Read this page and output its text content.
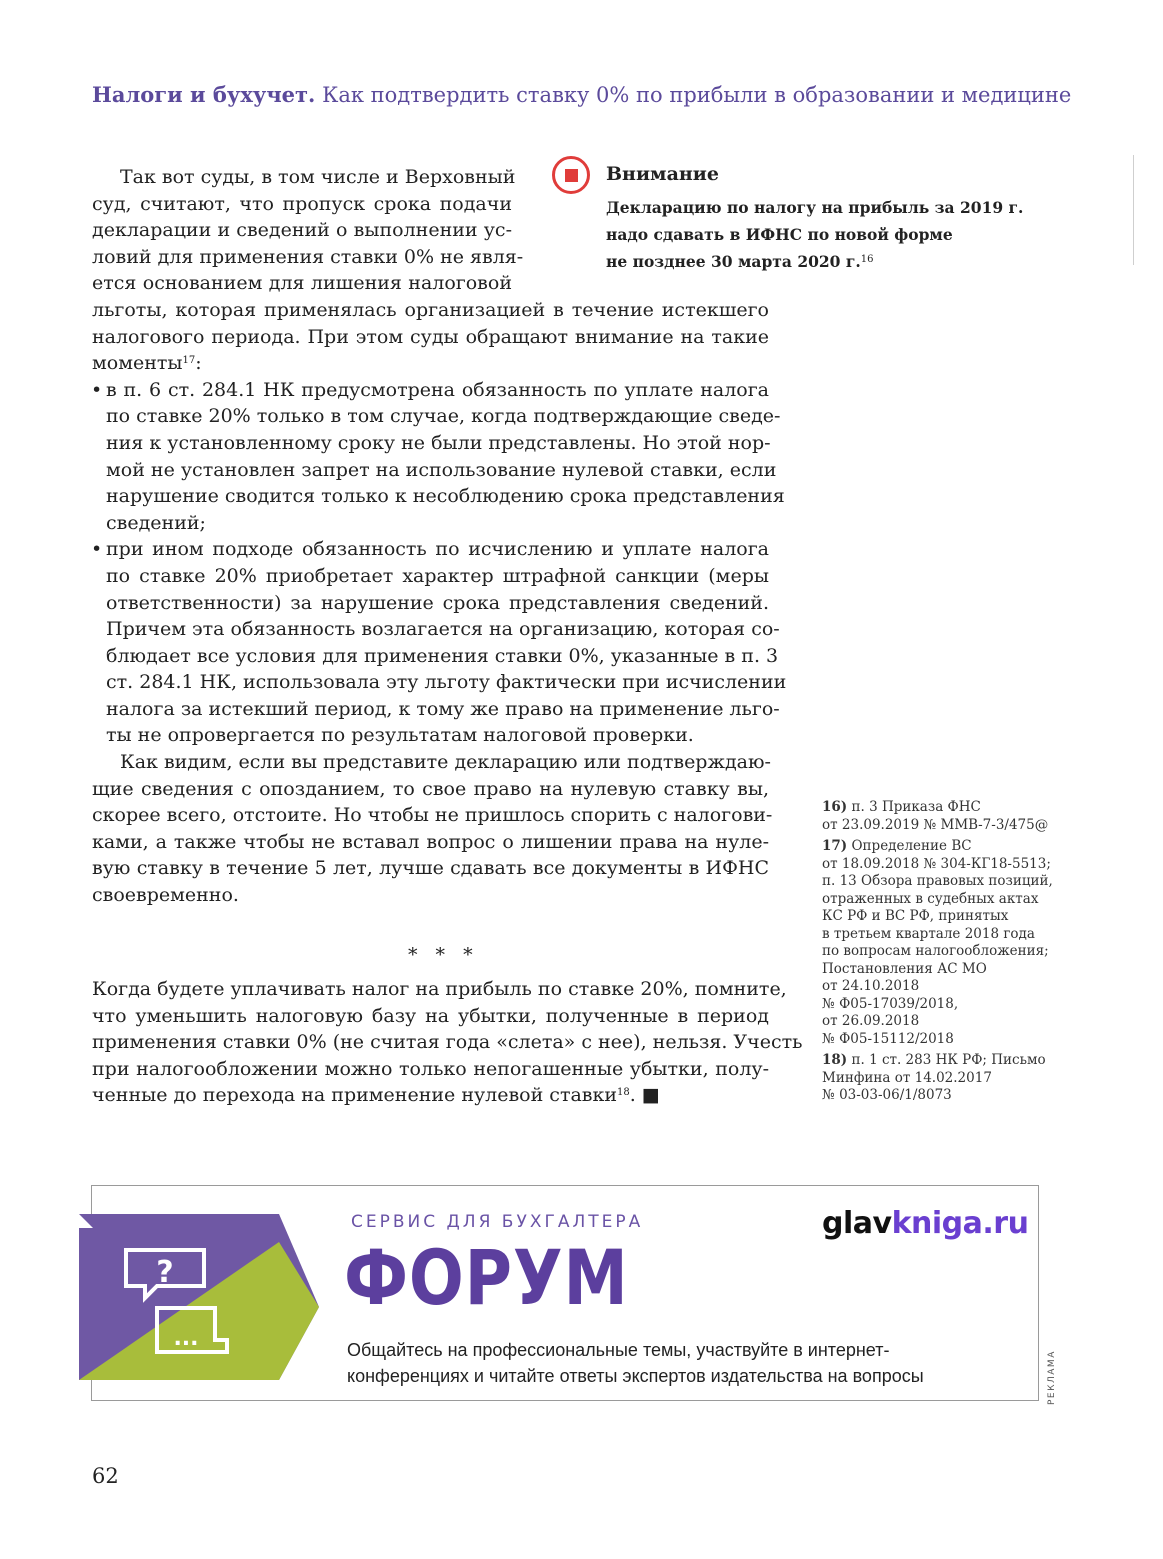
Налоги и бухучет. Как подтвердить ставку 0% по прибыли в образовании и медицине
Внимание
Декларацию по налогу на прибыль за 2019 г.
надо сдавать в ИФНС по новой форме
не позднее 30 марта 2020 г.$^{16}$
Так вот суды, в том числе и Верховный
суд, считают, что пропуск срока подачи
декларации и сведений о выполнении ус-
ловий для применения ставки 0% не явля-
ется основанием для лишения налоговой
льготы, которая применялась организацией в течение истекшего
налогового периода. При этом суды обращают внимание на такие
моменты$^{17}$:
• в п. 6 ст. 284.1 НК предусмотрена обязанность по уплате налога
по ставке 20% только в том случае, когда подтверждающие сведе-
ния к установленному сроку не были представлены. Но этой нор-
мой не установлен запрет на использование нулевой ставки, если
нарушение сводится только к несоблюдению срока представления
сведений;
• при ином подходе обязанность по исчислению и уплате налога
по ставке 20% приобретает характер штрафной санкции (меры
ответственности) за нарушение срока представления сведений.
Причем эта обязанность возлагается на организацию, которая со-
блюдает все условия для применения ставки 0%, указанные в п. 3
ст. 284.1 НК, использовала эту льготу фактически при исчислении
налога за истекший период, к тому же право на применение льго-
ты не опровергается по результатам налоговой проверки.
Как видим, если вы представите декларацию или подтверждаю-
щие сведения с опозданием, то свое право на нулевую ставку вы,
скорее всего, отстоите. Но чтобы не пришлось спорить с налогови-
ками, а также чтобы не вставал вопрос о лишении права на нуле-
вую ставку в течение 5 лет, лучше сдавать все документы в ИФНС
своевременно.
* * *
Когда будете уплачивать налог на прибыль по ставке 20%, помните,
что уменьшить налоговую базу на убытки, полученные в период
применения ставки 0% (не считая года «слета» с нее), нельзя. Учесть
при налогообложении можно только непогашенные убытки, полу-
ченные до перехода на применение нулевой ставки$^{18}$. ■
16) п. 3 Приказа ФНС
от 23.09.2019 № ММВ-7-3/475@
17) Определение ВС
от 18.09.2018 № 304-КГ18-5513;
п. 13 Обзора правовых позиций,
отраженных в судебных актах
КС РФ и ВС РФ, принятых
в третьем квартале 2018 года
по вопросам налогообложения;
Постановления АС МО
от 24.10.2018
№ Ф05-17039/2018,
от 26.09.2018
№ Ф05-15112/2018
18) п. 1 ст. 283 НК РФ; Письмо
Минфина от 14.02.2017
№ 03-03-06/1/8073
?
...
СЕРВИС ДЛЯ БУХГАЛТЕРА	glavkniga.ru
ФОРУМ
Общайтесь на профессиональные темы, участвуйте в интернет-
конференциях и читайте ответы экспертов издательства на вопросы	РЕКЛАМА
62
